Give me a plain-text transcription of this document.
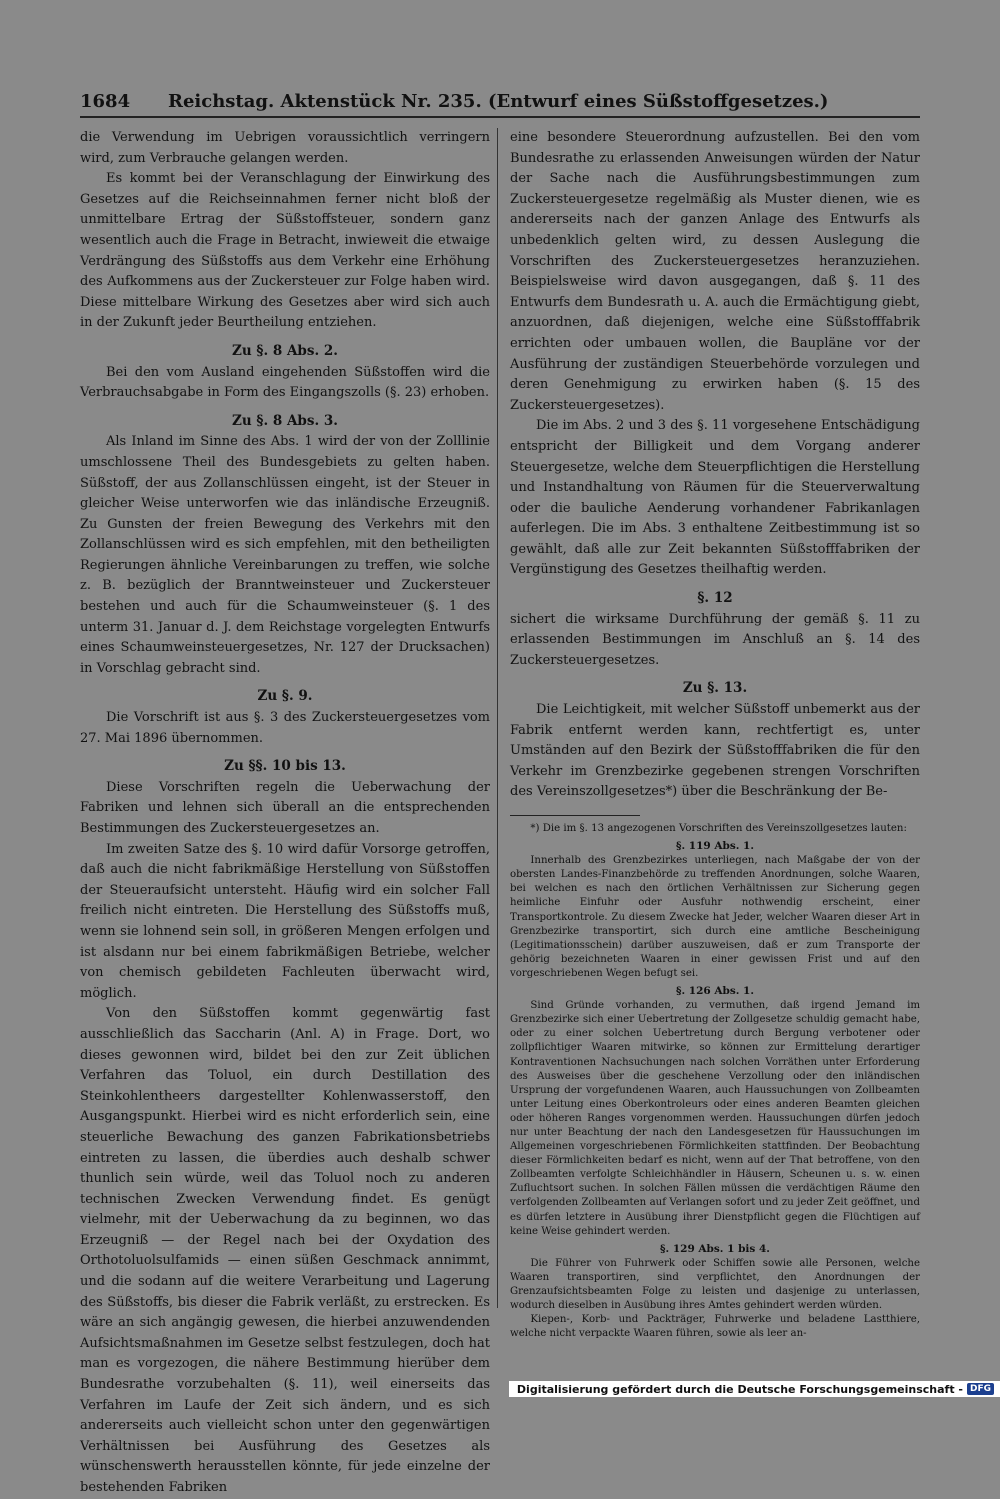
1684	Reichstag. Aktenstück Nr. 235. (Entwurf eines Süßstoffgesetzes.)

die Verwendung im Uebrigen voraussichtlich verringern wird, zum Verbrauche gelangen werden.

Es kommt bei der Veranschlagung der Einwirkung des Gesetzes auf die Reichseinnahmen ferner nicht bloß der unmittelbare Ertrag der Süßstoffsteuer, sondern ganz wesentlich auch die Frage in Betracht, inwieweit die etwaige Verdrängung des Süßstoffs aus dem Verkehr eine Erhöhung des Aufkommens aus der Zuckersteuer zur Folge haben wird. Diese mittelbare Wirkung des Gesetzes aber wird sich auch in der Zukunft jeder Beurtheilung entziehen.

Zu §. 8 Abs. 2.

Bei den vom Ausland eingehenden Süßstoffen wird die Verbrauchsabgabe in Form des Eingangszolls (§. 23) erhoben.

Zu §. 8 Abs. 3.

Als Inland im Sinne des Abs. 1 wird der von der Zolllinie umschlossene Theil des Bundesgebiets zu gelten haben. Süßstoff, der aus Zollanschlüssen eingeht, ist der Steuer in gleicher Weise unterworfen wie das inländische Erzeugniß. Zu Gunsten der freien Bewegung des Verkehrs mit den Zollanschlüssen wird es sich empfehlen, mit den betheiligten Regierungen ähnliche Vereinbarungen zu treffen, wie solche z. B. bezüglich der Branntweinsteuer und Zuckersteuer bestehen und auch für die Schaumweinsteuer (§. 1 des unterm 31. Januar d. J. dem Reichstage vorgelegten Entwurfs eines Schaumweinsteuergesetzes, Nr. 127 der Drucksachen) in Vorschlag gebracht sind.

Zu §. 9.

Die Vorschrift ist aus §. 3 des Zuckersteuergesetzes vom 27. Mai 1896 übernommen.

Zu §§. 10 bis 13.

Diese Vorschriften regeln die Ueberwachung der Fabriken und lehnen sich überall an die entsprechenden Bestimmungen des Zuckersteuergesetzes an.

Im zweiten Satze des §. 10 wird dafür Vorsorge getroffen, daß auch die nicht fabrikmäßige Herstellung von Süßstoffen der Steueraufsicht untersteht. Häufig wird ein solcher Fall freilich nicht eintreten. Die Herstellung des Süßstoffs muß, wenn sie lohnend sein soll, in größeren Mengen erfolgen und ist alsdann nur bei einem fabrikmäßigen Betriebe, welcher von chemisch gebildeten Fachleuten überwacht wird, möglich.

Von den Süßstoffen kommt gegenwärtig fast ausschließlich das Saccharin (Anl. A) in Frage. Dort, wo dieses gewonnen wird, bildet bei den zur Zeit üblichen Verfahren das Toluol, ein durch Destillation des Steinkohlentheers dargestellter Kohlenwasserstoff, den Ausgangspunkt. Hierbei wird es nicht erforderlich sein, eine steuerliche Bewachung des ganzen Fabrikationsbetriebs eintreten zu lassen, die überdies auch deshalb schwer thunlich sein würde, weil das Toluol noch zu anderen technischen Zwecken Verwendung findet. Es genügt vielmehr, mit der Ueberwachung da zu beginnen, wo das Erzeugniß — der Regel nach bei der Oxydation des Orthotoluolsulfamids — einen süßen Geschmack annimmt, und die sodann auf die weitere Verarbeitung und Lagerung des Süßstoffs, bis dieser die Fabrik verläßt, zu erstrecken. Es wäre an sich angängig gewesen, die hierbei anzuwendenden Aufsichtsmaßnahmen im Gesetze selbst festzulegen, doch hat man es vorgezogen, die nähere Bestimmung hierüber dem Bundesrathe vorzubehalten (§. 11), weil einerseits das Verfahren im Laufe der Zeit sich ändern, und es sich andererseits auch vielleicht schon unter den gegenwärtigen Verhältnissen bei Ausführung des Gesetzes als wünschenswerth herausstellen könnte, für jede einzelne der bestehenden Fabriken

eine besondere Steuerordnung aufzustellen. Bei den vom Bundesrathe zu erlassenden Anweisungen würden der Natur der Sache nach die Ausführungsbestimmungen zum Zuckersteuergesetze regelmäßig als Muster dienen, wie es andererseits nach der ganzen Anlage des Entwurfs als unbedenklich gelten wird, zu dessen Auslegung die Vorschriften des Zuckersteuergesetzes heranzuziehen. Beispielsweise wird davon ausgegangen, daß §. 11 des Entwurfs dem Bundesrath u. A. auch die Ermächtigung giebt, anzuordnen, daß diejenigen, welche eine Süßstofffabrik errichten oder umbauen wollen, die Baupläne vor der Ausführung der zuständigen Steuerbehörde vorzulegen und deren Genehmigung zu erwirken haben (§. 15 des Zuckersteuergesetzes).

Die im Abs. 2 und 3 des §. 11 vorgesehene Entschädigung entspricht der Billigkeit und dem Vorgang anderer Steuergesetze, welche dem Steuerpflichtigen die Herstellung und Instandhaltung von Räumen für die Steuerverwaltung oder die bauliche Aenderung vorhandener Fabrikanlagen auferlegen. Die im Abs. 3 enthaltene Zeitbestimmung ist so gewählt, daß alle zur Zeit bekannten Süßstofffabriken der Vergünstigung des Gesetzes theilhaftig werden.

§. 12

sichert die wirksame Durchführung der gemäß §. 11 zu erlassenden Bestimmungen im Anschluß an §. 14 des Zuckersteuergesetzes.

Zu §. 13.

Die Leichtigkeit, mit welcher Süßstoff unbemerkt aus der Fabrik entfernt werden kann, rechtfertigt es, unter Umständen auf den Bezirk der Süßstofffabriken die für den Verkehr im Grenzbezirke gegebenen strengen Vorschriften des Vereinszollgesetzes*) über die Beschränkung der Be-

*) Die im §. 13 angezogenen Vorschriften des Vereinszollgesetzes lauten:

§. 119 Abs. 1.

Innerhalb des Grenzbezirkes unterliegen, nach Maßgabe der von der obersten Landes-Finanzbehörde zu treffenden Anordnungen, solche Waaren, bei welchen es nach den örtlichen Verhältnissen zur Sicherung gegen heimliche Einfuhr oder Ausfuhr nothwendig erscheint, einer Transportkontrole. Zu diesem Zwecke hat Jeder, welcher Waaren dieser Art in Grenzbezirke transportirt, sich durch eine amtliche Bescheinigung (Legitimationsschein) darüber auszuweisen, daß er zum Transporte der gehörig bezeichneten Waaren in einer gewissen Frist und auf den vorgeschriebenen Wegen befugt sei.

§. 126 Abs. 1.

Sind Gründe vorhanden, zu vermuthen, daß irgend Jemand im Grenzbezirke sich einer Uebertretung der Zollgesetze schuldig gemacht habe, oder zu einer solchen Uebertretung durch Bergung verbotener oder zollpflichtiger Waaren mitwirke, so können zur Ermittelung derartiger Kontraventionen Nachsuchungen nach solchen Vorräthen unter Erforderung des Ausweises über die geschehene Verzollung oder den inländischen Ursprung der vorgefundenen Waaren, auch Haussuchungen von Zollbeamten unter Leitung eines Oberkontroleurs oder eines anderen Beamten gleichen oder höheren Ranges vorgenommen werden. Haussuchungen dürfen jedoch nur unter Beachtung der nach den Landesgesetzen für Haussuchungen im Allgemeinen vorgeschriebenen Förmlichkeiten stattfinden. Der Beobachtung dieser Förmlichkeiten bedarf es nicht, wenn auf der That betroffene, von den Zollbeamten verfolgte Schleichhändler in Häusern, Scheunen u. s. w. einen Zufluchtsort suchen. In solchen Fällen müssen die verdächtigen Räume den verfolgenden Zollbeamten auf Verlangen sofort und zu jeder Zeit geöffnet, und es dürfen letztere in Ausübung ihrer Dienstpflicht gegen die Flüchtigen auf keine Weise gehindert werden.

§. 129 Abs. 1 bis 4.

Die Führer von Fuhrwerk oder Schiffen sowie alle Personen, welche Waaren transportiren, sind verpflichtet, den Anordnungen der Grenzaufsichtsbeamten Folge zu leisten und dasjenige zu unterlassen, wodurch dieselben in Ausübung ihres Amtes gehindert werden würden.

Kiepen-, Korb- und Packträger, Fuhrwerke und beladene Lastthiere, welche nicht verpackte Waaren führen, sowie als leer an-

Digitalisierung gefördert durch die Deutsche Forschungsgemeinschaft - DFG
